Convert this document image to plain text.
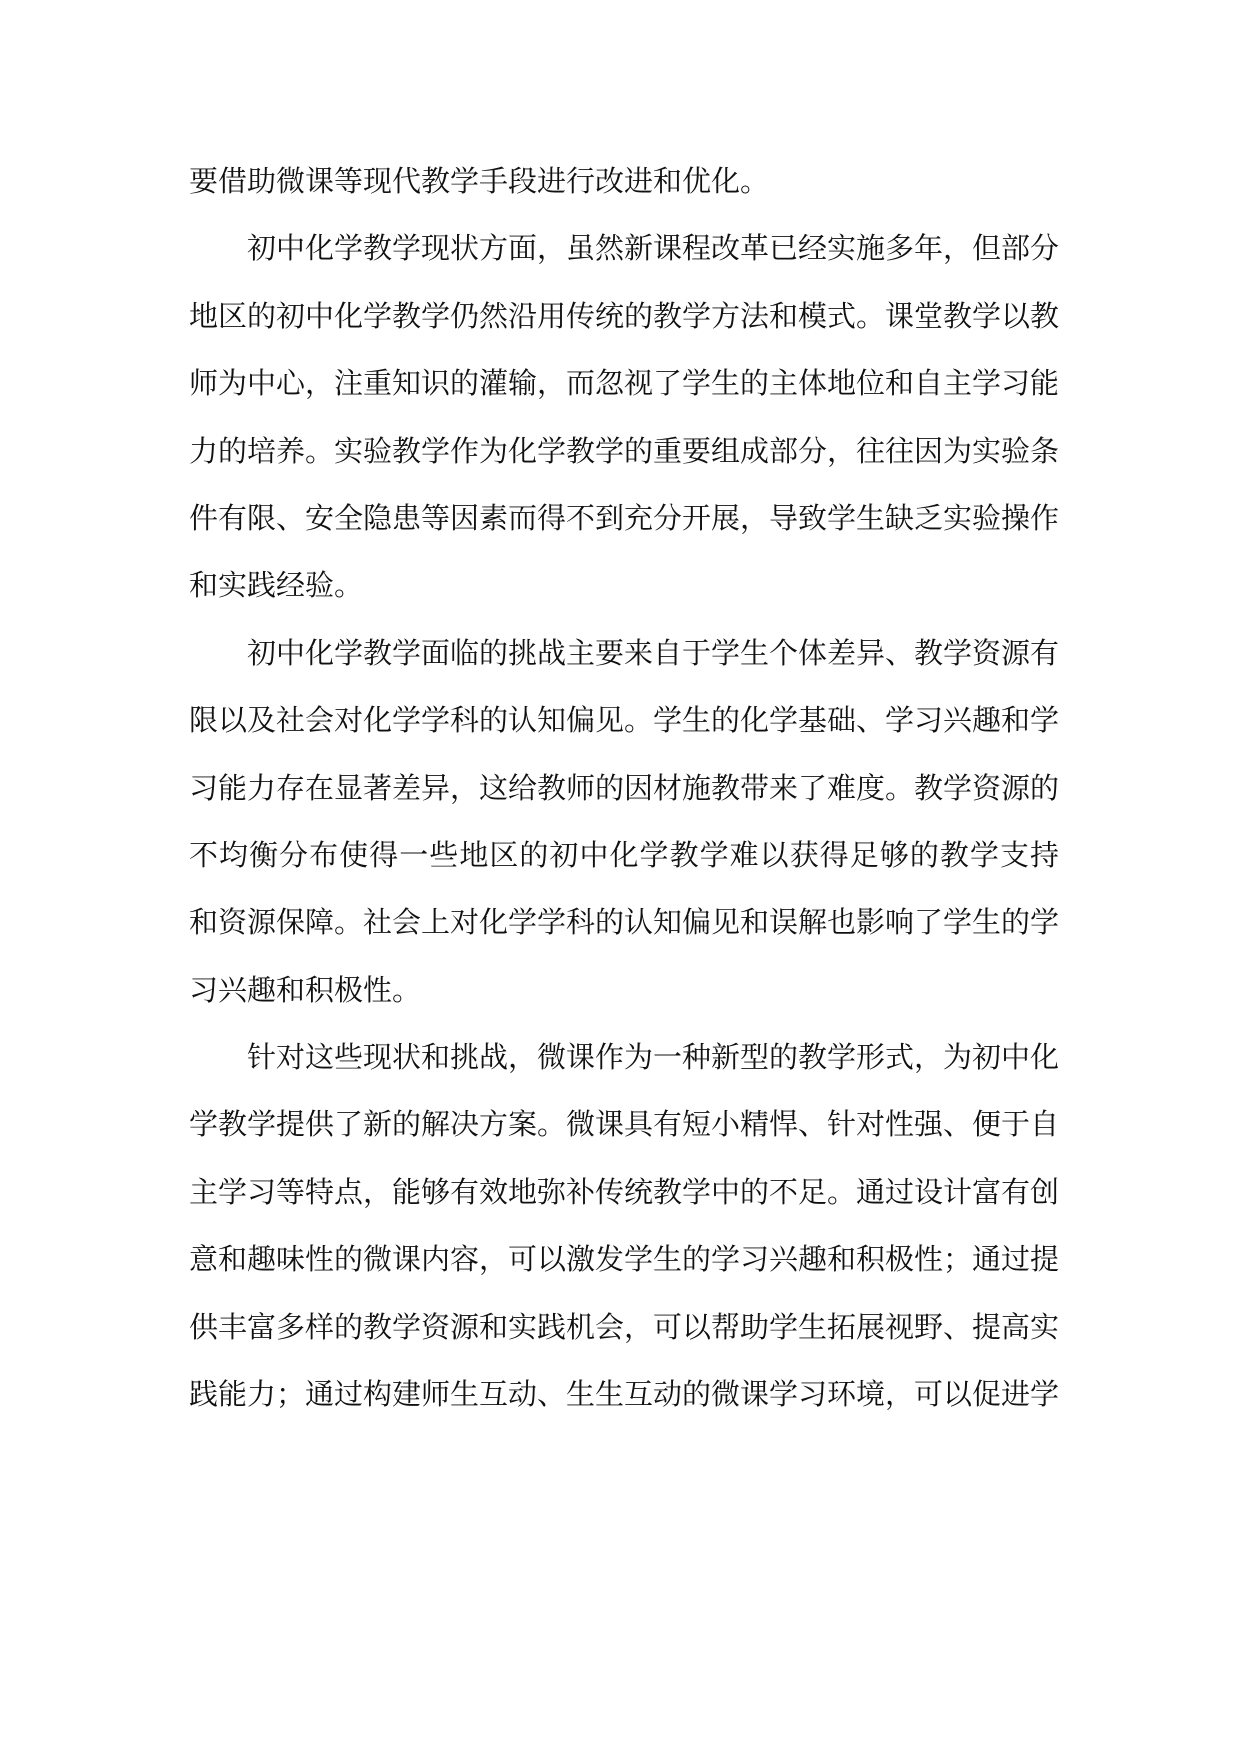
要借助微课等现代教学手段进行改进和优化。
初中化学教学现状方面，虽然新课程改革已经实施多年，但部分
地区的初中化学教学仍然沿用传统的教学方法和模式。课堂教学以教
师为中心，注重知识的灌输，而忽视了学生的主体地位和自主学习能
力的培养。实验教学作为化学教学的重要组成部分，往往因为实验条
件有限、安全隐患等因素而得不到充分开展，导致学生缺乏实验操作
和实践经验。
初中化学教学面临的挑战主要来自于学生个体差异、教学资源有
限以及社会对化学学科的认知偏见。学生的化学基础、学习兴趣和学
习能力存在显著差异，这给教师的因材施教带来了难度。教学资源的
不均衡分布使得一些地区的初中化学教学难以获得足够的教学支持
和资源保障。社会上对化学学科的认知偏见和误解也影响了学生的学
习兴趣和积极性。
针对这些现状和挑战，微课作为一种新型的教学形式，为初中化
学教学提供了新的解决方案。微课具有短小精悍、针对性强、便于自
主学习等特点，能够有效地弥补传统教学中的不足。通过设计富有创
意和趣味性的微课内容，可以激发学生的学习兴趣和积极性；通过提
供丰富多样的教学资源和实践机会，可以帮助学生拓展视野、提高实
践能力；通过构建师生互动、生生互动的微课学习环境，可以促进学
